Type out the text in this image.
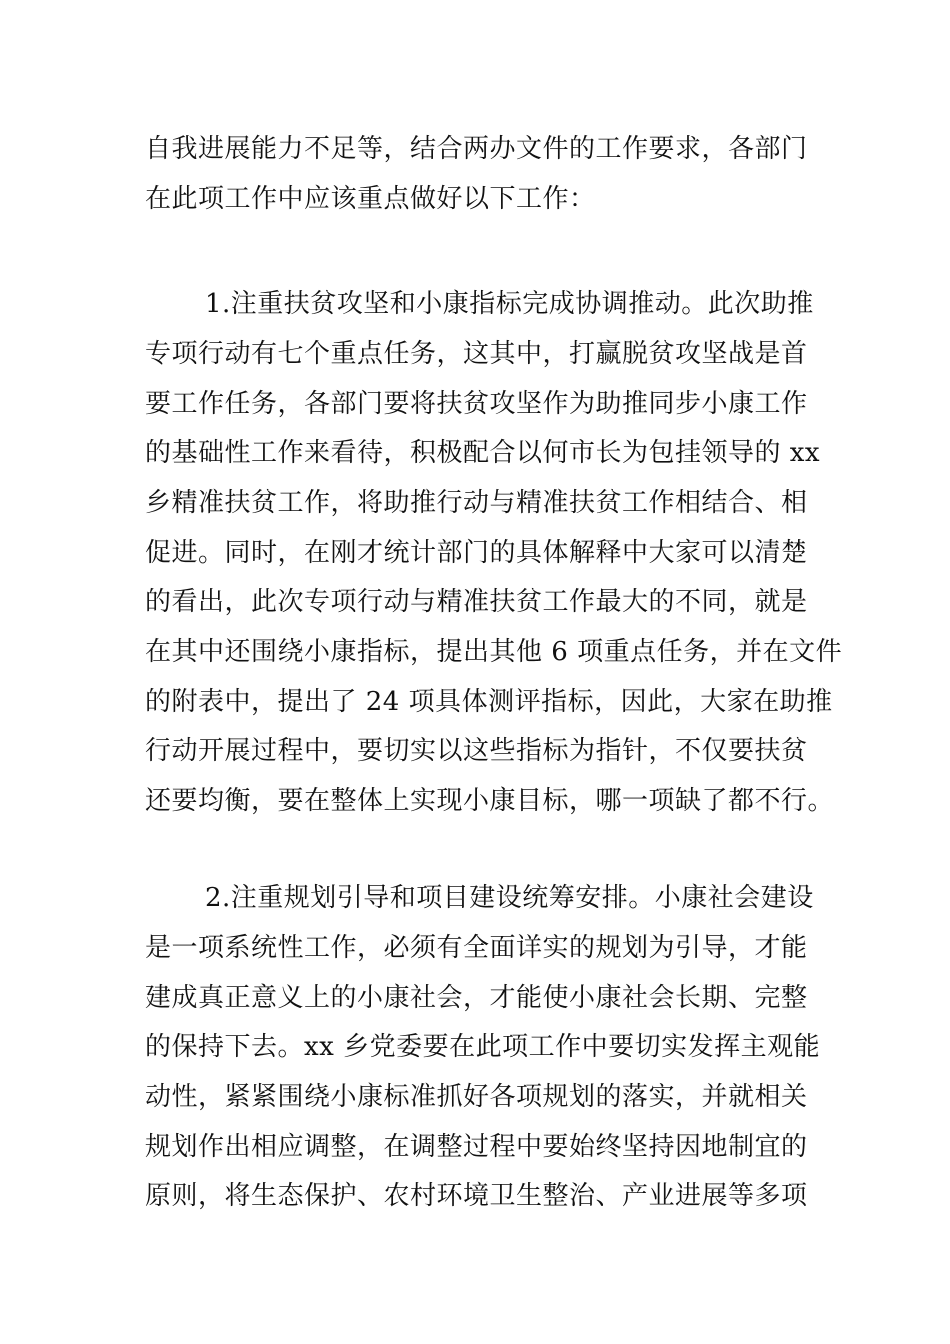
自我进展能力不足等，结合两办文件的工作要求，各部门
在此项工作中应该重点做好以下工作：
1.注重扶贫攻坚和小康指标完成协调推动。此次助推
专项行动有七个重点任务，这其中，打赢脱贫攻坚战是首
要工作任务，各部门要将扶贫攻坚作为助推同步小康工作
的基础性工作来看待，积极配合以何市长为包挂领导的 xx
乡精准扶贫工作，将助推行动与精准扶贫工作相结合、相
促进。同时，在刚才统计部门的具体解释中大家可以清楚
的看出，此次专项行动与精准扶贫工作最大的不同，就是
在其中还围绕小康指标，提出其他 6 项重点任务，并在文件
的附表中，提出了 24 项具体测评指标，因此，大家在助推
行动开展过程中，要切实以这些指标为指针，不仅要扶贫
还要均衡，要在整体上实现小康目标，哪一项缺了都不行。
2.注重规划引导和项目建设统筹安排。小康社会建设
是一项系统性工作，必须有全面详实的规划为引导，才能
建成真正意义上的小康社会，才能使小康社会长期、完整
的保持下去。xx 乡党委要在此项工作中要切实发挥主观能
动性，紧紧围绕小康标准抓好各项规划的落实，并就相关
规划作出相应调整，在调整过程中要始终坚持因地制宜的
原则，将生态保护、农村环境卫生整治、产业进展等多项
